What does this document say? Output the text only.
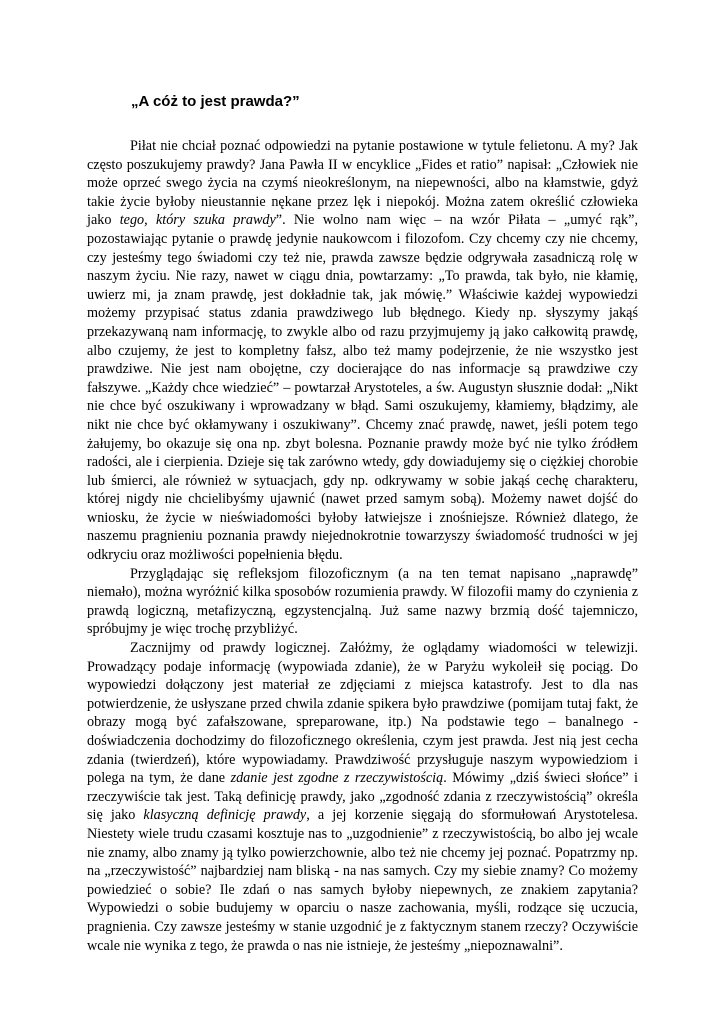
„A cóż to jest prawda?”

Piłat nie chciał poznać odpowiedzi na pytanie postawione w tytule felietonu. A my? Jak często poszukujemy prawdy? Jana Pawła II w encyklice „Fides et ratio” napisał: „Człowiek nie może oprzeć swego życia na czymś nieokreślonym, na niepewności, albo na kłamstwie, gdyż takie życie byłoby nieustannie nękane przez lęk i niepokój. Można zatem określić człowieka jako tego, który szuka prawdy”. Nie wolno nam więc – na wzór Piłata – „umyć rąk”, pozostawiając pytanie o prawdę jedynie naukowcom i filozofom. Czy chcemy czy nie chcemy, czy jesteśmy tego świadomi czy też nie, prawda zawsze będzie odgrywała zasadniczą rolę w naszym życiu. Nie razy, nawet w ciągu dnia, powtarzamy: „To prawda, tak było, nie kłamię, uwierz mi, ja znam prawdę, jest dokładnie tak, jak mówię.” Właściwie każdej wypowiedzi możemy przypisać status zdania prawdziwego lub błędnego. Kiedy np. słyszymy jakąś przekazywaną nam informację, to zwykle albo od razu przyjmujemy ją jako całkowitą prawdę, albo czujemy, że jest to kompletny fałsz, albo też mamy podejrzenie, że nie wszystko jest prawdziwe. Nie jest nam obojętne, czy docierające do nas informacje są prawdziwe czy fałszywe. „Każdy chce wiedzieć” – powtarzał Arystoteles, a św. Augustyn słusznie dodał: „Nikt nie chce być oszukiwany i wprowadzany w błąd. Sami oszukujemy, kłamiemy, błądzimy, ale nikt nie chce być okłamywany i oszukiwany”. Chcemy znać prawdę, nawet, jeśli potem tego żałujemy, bo okazuje się ona np. zbyt bolesna. Poznanie prawdy może być nie tylko źródłem radości, ale i cierpienia. Dzieje się tak zarówno wtedy, gdy dowiadujemy się o ciężkiej chorobie lub śmierci, ale również w sytuacjach, gdy np. odkrywamy w sobie jakąś cechę charakteru, której nigdy nie chcielibyśmy ujawnić (nawet przed samym sobą). Możemy nawet dojść do wniosku, że życie w nieświadomości byłoby łatwiejsze i znośniejsze. Również dlatego, że naszemu pragnieniu poznania prawdy niejednokrotnie towarzyszy świadomość trudności w jej odkryciu oraz możliwości popełnienia błędu.

Przyglądając się refleksjom filozoficznym (a na ten temat napisano „naprawdę” niemało), można wyróżnić kilka sposobów rozumienia prawdy. W filozofii mamy do czynienia z prawdą logiczną, metafizyczną, egzystencjalną. Już same nazwy brzmią dość tajemniczo, spróbujmy je więc trochę przybliżyć.

Zacznijmy od prawdy logicznej. Załóżmy, że oglądamy wiadomości w telewizji. Prowadzący podaje informację (wypowiada zdanie), że w Paryżu wykoleił się pociąg. Do wypowiedzi dołączony jest materiał ze zdjęciami z miejsca katastrofy. Jest to dla nas potwierdzenie, że usłyszane przed chwila zdanie spikera było prawdziwe (pomijam tutaj fakt, że obrazy mogą być zafałszowane, spreparowane, itp.) Na podstawie tego – banalnego - doświadczenia dochodzimy do filozoficznego określenia, czym jest prawda. Jest nią jest cecha zdania (twierdzeń), które wypowiadamy. Prawdziwość przysługuje naszym wypowiedziom i polega na tym, że dane zdanie jest zgodne z rzeczywistością. Mówimy „dziś świeci słońce” i rzeczywiście tak jest. Taką definicję prawdy, jako „zgodność zdania z rzeczywistością” określa się jako klasyczną definicję prawdy, a jej korzenie sięgają do sformułowań Arystotelesa. Niestety wiele trudu czasami kosztuje nas to „uzgodnienie” z rzeczywistością, bo albo jej wcale nie znamy, albo znamy ją tylko powierzchownie, albo też nie chcemy jej poznać. Popatrzmy np. na „rzeczywistość” najbardziej nam bliską - na nas samych. Czy my siebie znamy? Co możemy powiedzieć o sobie? Ile zdań o nas samych byłoby niepewnych, ze znakiem zapytania? Wypowiedzi o sobie budujemy w oparciu o nasze zachowania, myśli, rodzące się uczucia, pragnienia. Czy zawsze jesteśmy w stanie uzgodnić je z faktycznym stanem rzeczy? Oczywiście wcale nie wynika z tego, że prawda o nas nie istnieje, że jesteśmy „niepoznawalni”.
